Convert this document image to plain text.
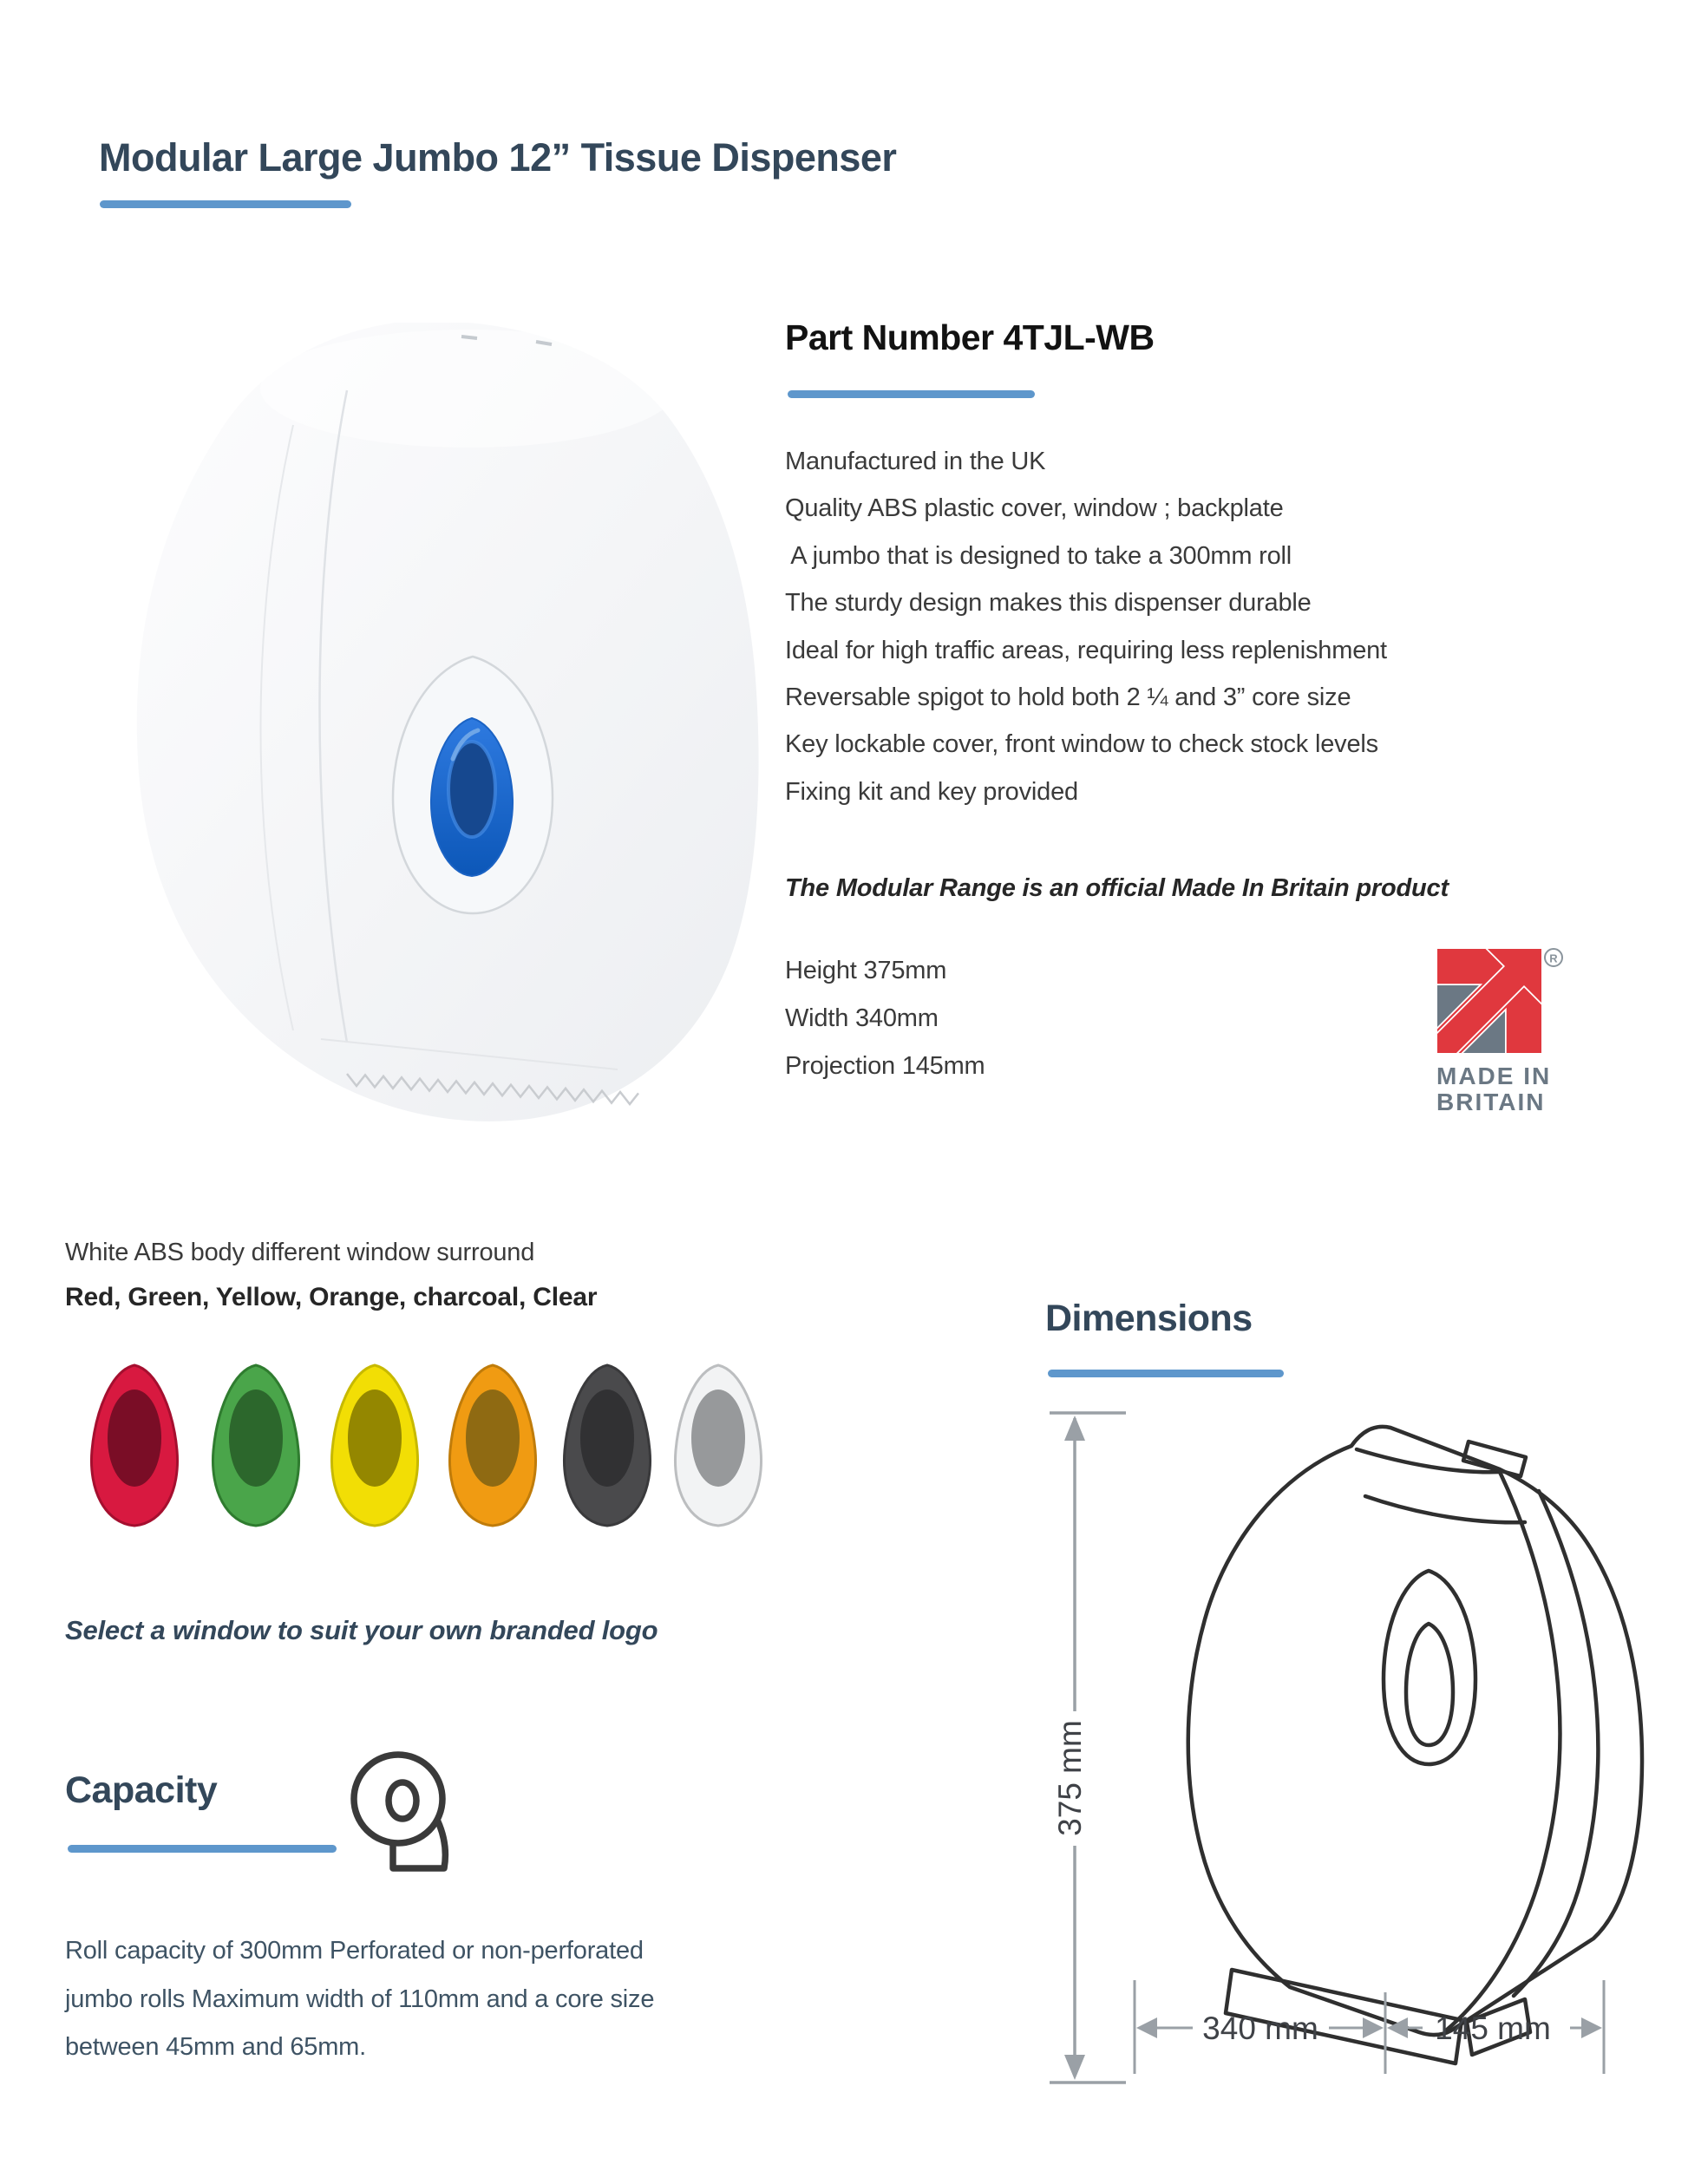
Modular Large Jumbo 12” Tissue Dispenser
Part Number 4TJL-WB
Manufactured in the UK
Quality ABS plastic cover, window ; backplate
A jumbo that is designed to take a 300mm roll
The sturdy design makes this dispenser durable
Ideal for high traffic areas, requiring less replenishment
Reversable spigot to hold both 2 ¼ and 3” core size
Key lockable cover, front window to check stock levels
Fixing kit and key provided
The Modular Range is an official Made In Britain product
Height 375mm
Width 340mm
Projection 145mm
R
MADE IN
BRITAIN
White ABS body different window surround
Red, Green, Yellow, Orange, charcoal, Clear
Select a window to suit your own branded logo
Capacity
Roll capacity of 300mm Perforated or non-perforated
jumbo rolls Maximum width of 110mm and a core size
between 45mm and 65mm.
Dimensions
375 mm
340 mm	145 mm
